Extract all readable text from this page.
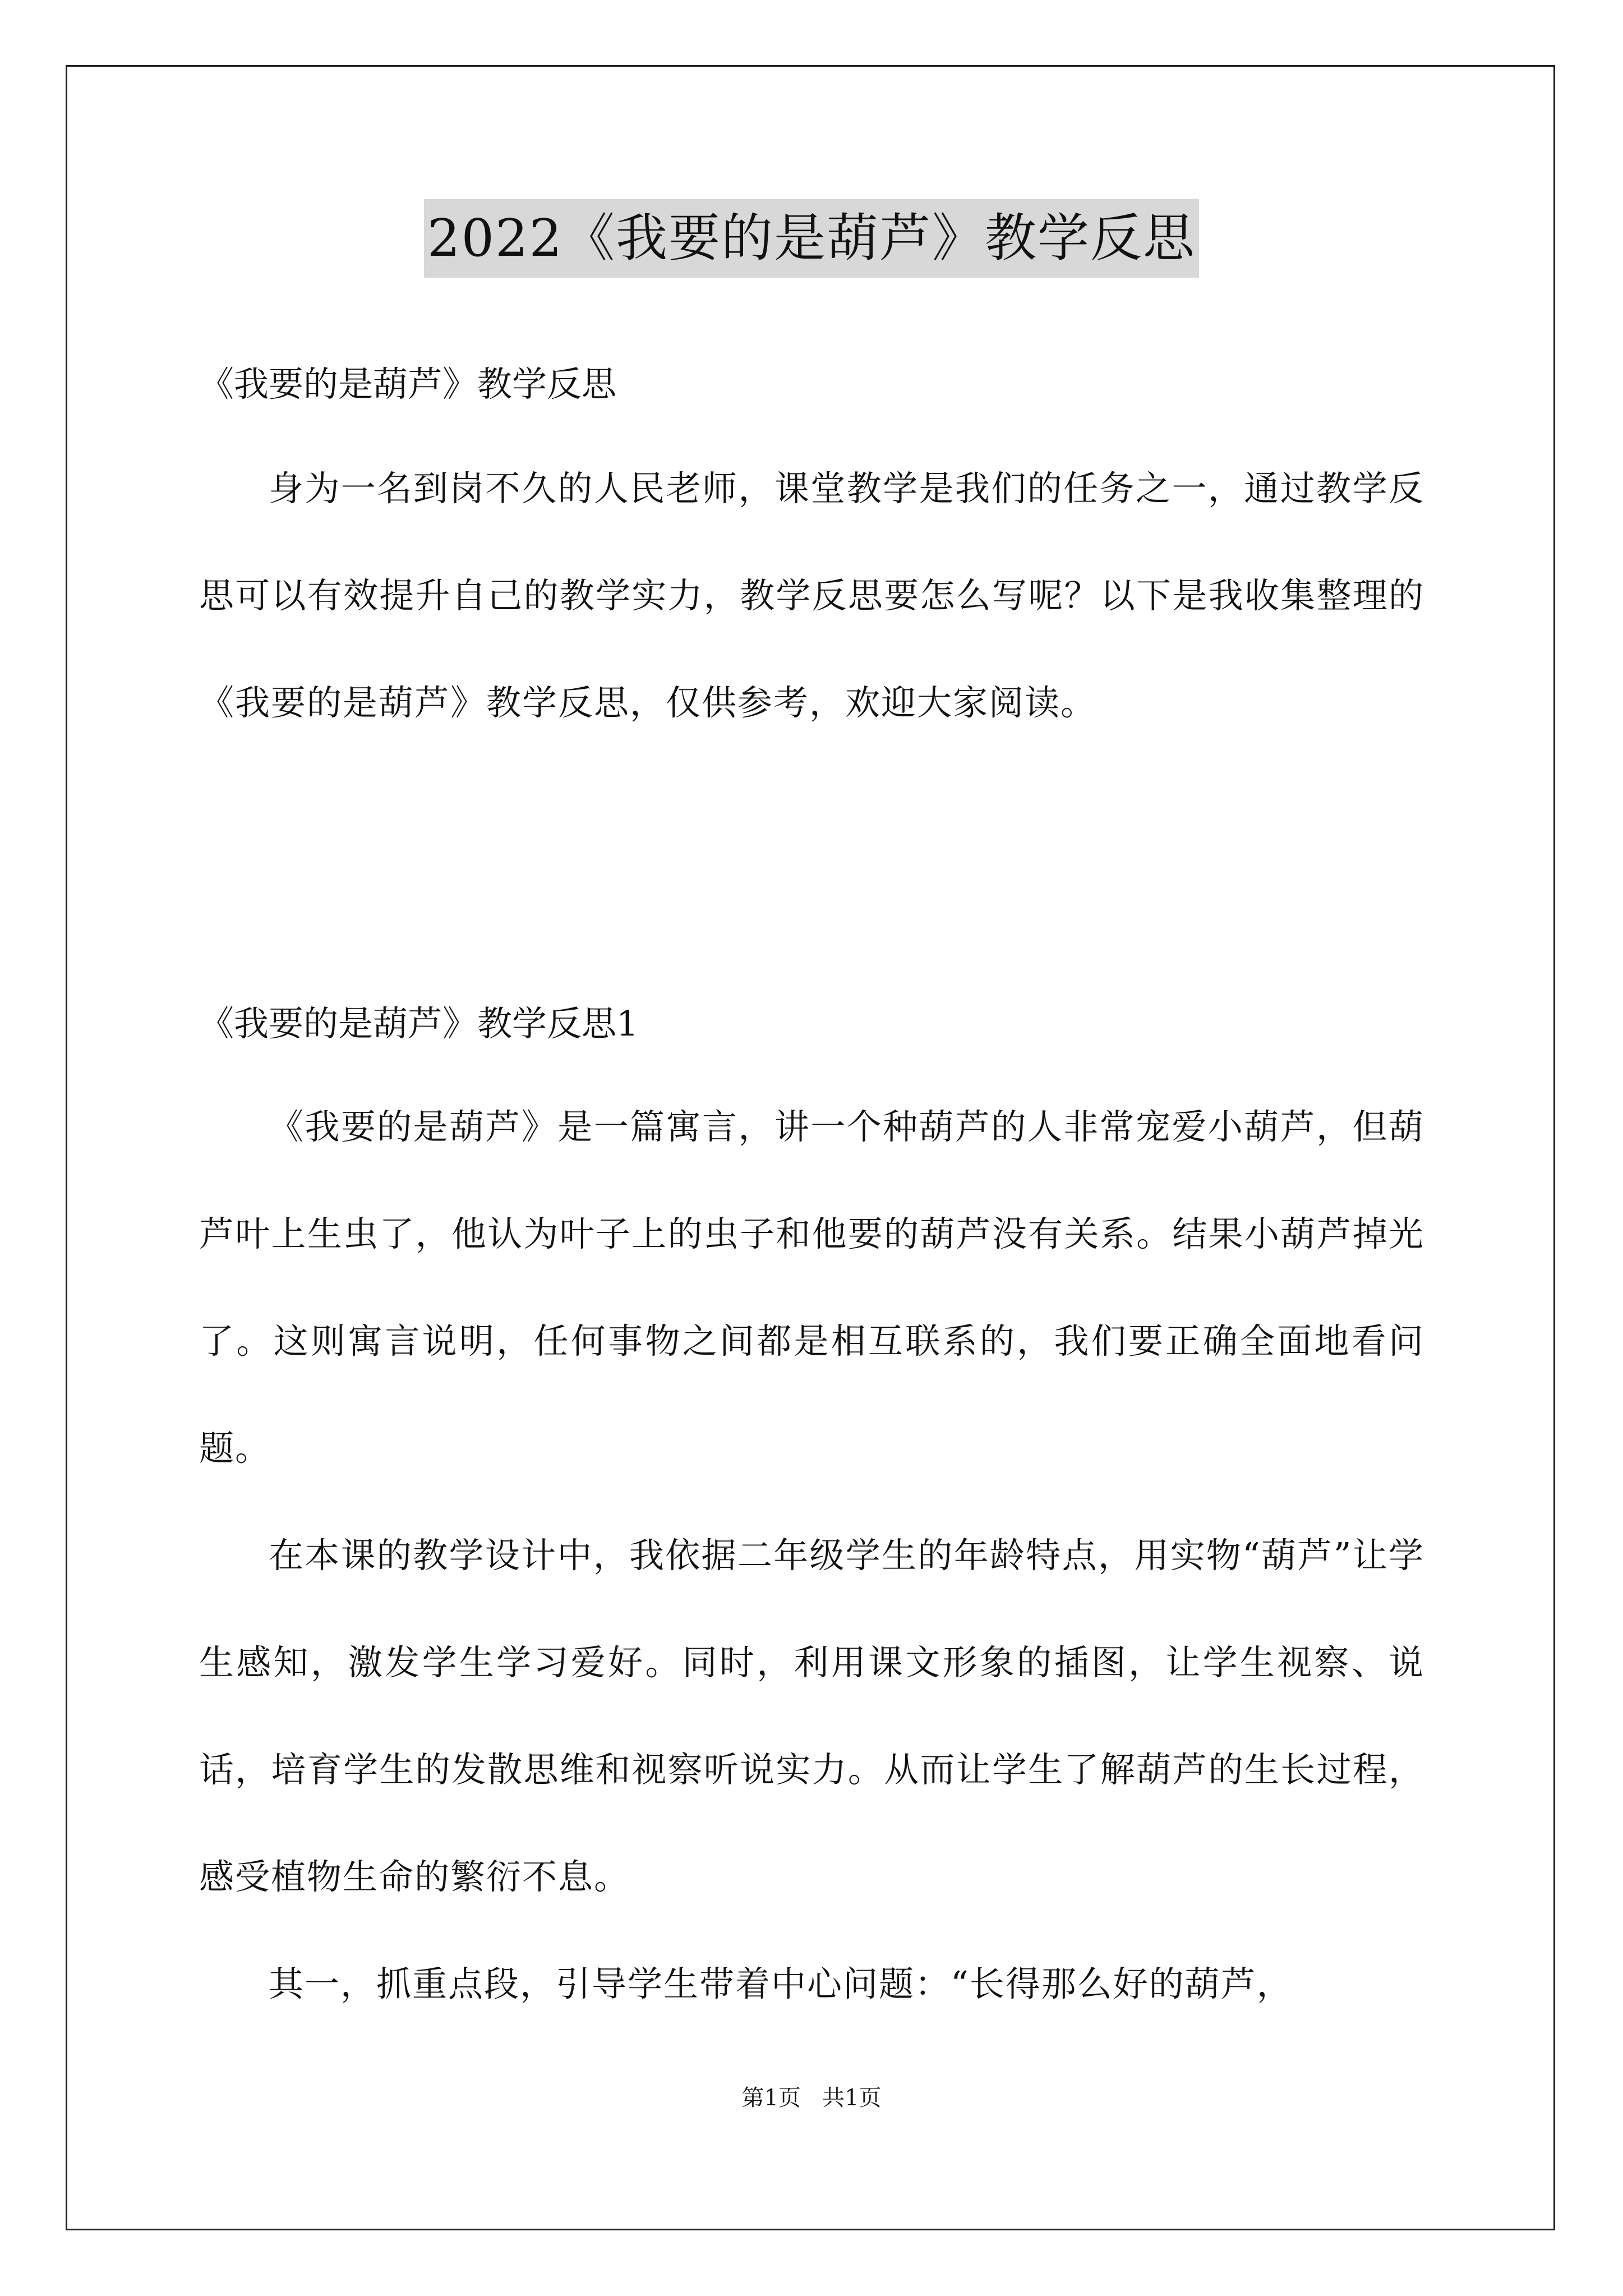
2022《我要的是葫芦》教学反思
《我要的是葫芦》教学反思

身为一名到岗不久的人民老师，课堂教学是我们的任务之一，通过教学反思可以有效提升自己的教学实力，教学反思要怎么写呢？以下是我收集整理的《我要的是葫芦》教学反思，仅供参考，欢迎大家阅读。

《我要的是葫芦》教学反思1

《我要的是葫芦》是一篇寓言，讲一个种葫芦的人非常宠爱小葫芦，但葫芦叶上生虫了，他认为叶子上的虫子和他要的葫芦没有关系。结果小葫芦掉光了。这则寓言说明，任何事物之间都是相互联系的，我们要正确全面地看问题。

在本课的教学设计中，我依据二年级学生的年龄特点，用实物“葫芦”让学生感知，激发学生学习爱好。同时，利用课文形象的插图，让学生视察、说话，培育学生的发散思维和视察听说实力。从而让学生了解葫芦的生长过程，感受植物生命的繁衍不息。

其一，抓重点段，引导学生带着中心问题：“长得那么好的葫芦，

第1页   共1页
